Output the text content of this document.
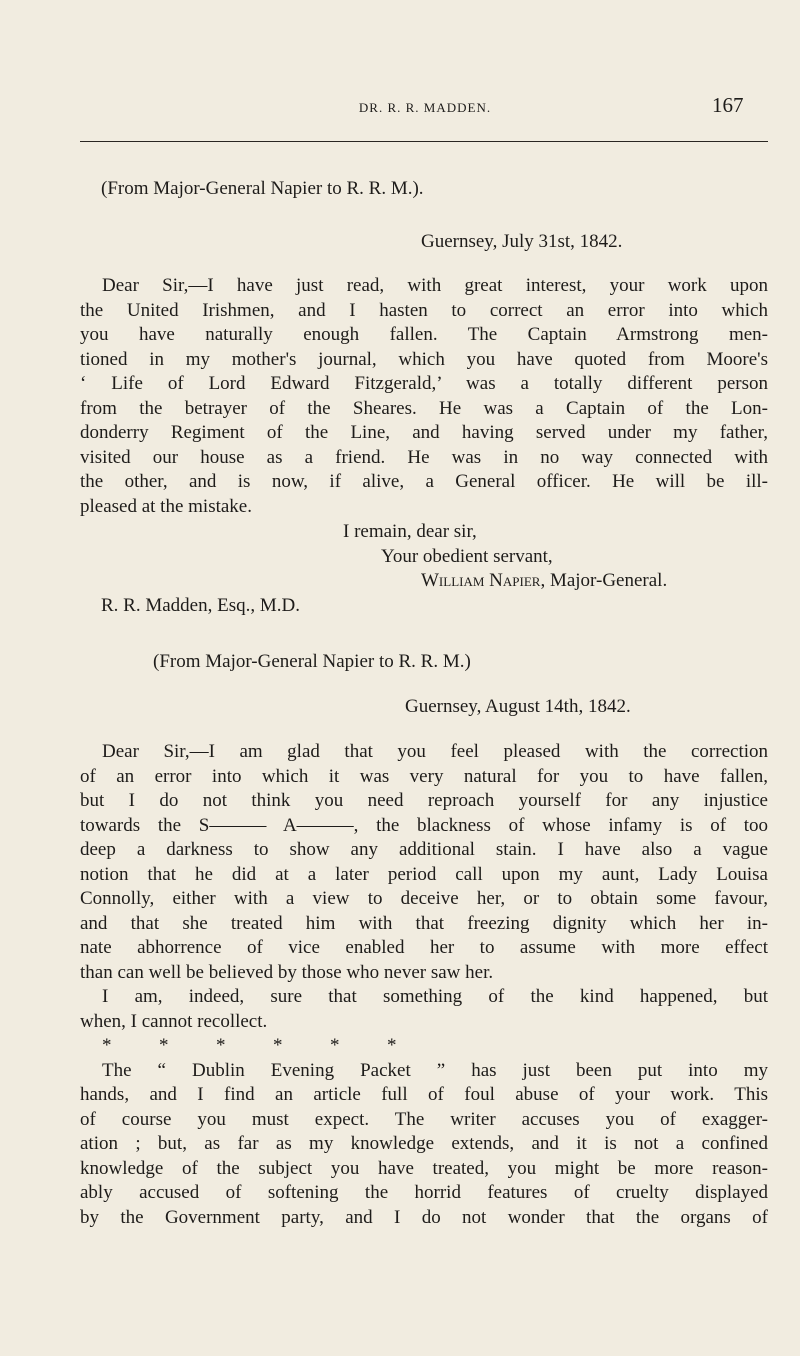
DR. R. R. MADDEN.	167
(From Major-General Napier to R. R. M.).
Guernsey, July 31st, 1842.
Dear Sir,—I have just read, with great interest, your work upon
the United Irishmen, and I hasten to correct an error into which
you have naturally enough fallen. The Captain Armstrong men-
tioned in my mother's journal, which you have quoted from Moore's
‘ Life of Lord Edward Fitzgerald,’ was a totally different person
from the betrayer of the Sheares. He was a Captain of the Lon-
donderry Regiment of the Line, and having served under my father,
visited our house as a friend. He was in no way connected with
the other, and is now, if alive, a General officer. He will be ill-
pleased at the mistake.
I remain, dear sir,
Your obedient servant,
William Napier, Major-General.
R. R. Madden, Esq., M.D.
(From Major-General Napier to R. R. M.)
Guernsey, August 14th, 1842.
Dear Sir,—I am glad that you feel pleased with the correction
of an error into which it was very natural for you to have fallen,
but I do not think you need reproach yourself for any injustice
towards the S——— A———, the blackness of whose infamy is of too
deep a darkness to show any additional stain. I have also a vague
notion that he did at a later period call upon my aunt, Lady Louisa
Connolly, either with a view to deceive her, or to obtain some favour,
and that she treated him with that freezing dignity which her in-
nate abhorrence of vice enabled her to assume with more effect
than can well be believed by those who never saw her.
I am, indeed, sure that something of the kind happened, but
when, I cannot recollect.
*          *          *          *          *          *
The “ Dublin Evening Packet ” has just been put into my
hands, and I find an article full of foul abuse of your work. This
of course you must expect. The writer accuses you of exagger-
ation ; but, as far as my knowledge extends, and it is not a confined
knowledge of the subject you have treated, you might be more reason-
ably accused of softening the horrid features of cruelty displayed
by the Government party, and I do not wonder that the organs of
